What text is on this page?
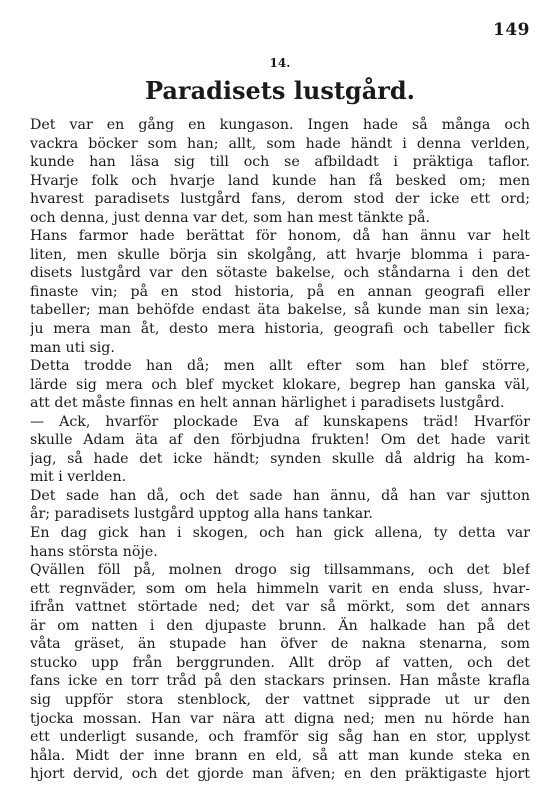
149
14.
Paradisets lustgård.
Det var en gång en kungason. Ingen hade så många och
vackra böcker som han; allt, som hade händt i denna verlden,
kunde han läsa sig till och se afbildadt i präktiga taflor.
Hvarje folk och hvarje land kunde han få besked om; men
hvarest paradisets lustgård fans, derom stod der icke ett ord;
och denna, just denna var det, som han mest tänkte på.
Hans farmor hade berättat för honom, då han ännu var helt
liten, men skulle börja sin skolgång, att hvarje blomma i para-
disets lustgård var den sötaste bakelse, och ståndarna i den det
finaste vin; på en stod historia, på en annan geografi eller
tabeller; man behöfde endast äta bakelse, så kunde man sin lexa;
ju mera man åt, desto mera historia, geografi och tabeller fick
man uti sig.
Detta trodde han då; men allt efter som han blef större,
lärde sig mera och blef mycket klokare, begrep han ganska väl,
att det måste finnas en helt annan härlighet i paradisets lustgård.
— Ack, hvarför plockade Eva af kunskapens träd! Hvarför
skulle Adam äta af den förbjudna frukten! Om det hade varit
jag, så hade det icke händt; synden skulle då aldrig ha kom-
mit i verlden.
Det sade han då, och det sade han ännu, då han var sjutton
år; paradisets lustgård upptog alla hans tankar.
En dag gick han i skogen, och han gick allena, ty detta var
hans största nöje.
Qvällen föll på, molnen drogo sig tillsammans, och det blef
ett regnväder, som om hela himmeln varit en enda sluss, hvar-
ifrån vattnet störtade ned; det var så mörkt, som det annars
är om natten i den djupaste brunn. Än halkade han på det
våta gräset, än stupade han öfver de nakna stenarna, som
stucko upp från berggrunden. Allt dröp af vatten, och det
fans icke en torr tråd på den stackars prinsen. Han måste krafla
sig uppför stora stenblock, der vattnet sipprade ut ur den
tjocka mossan. Han var nära att digna ned; men nu hörde han
ett underligt susande, och framför sig såg han en stor, upplyst
håla. Midt der inne brann en eld, så att man kunde steka en
hjort dervid, och det gjorde man äfven; en den präktigaste hjort
